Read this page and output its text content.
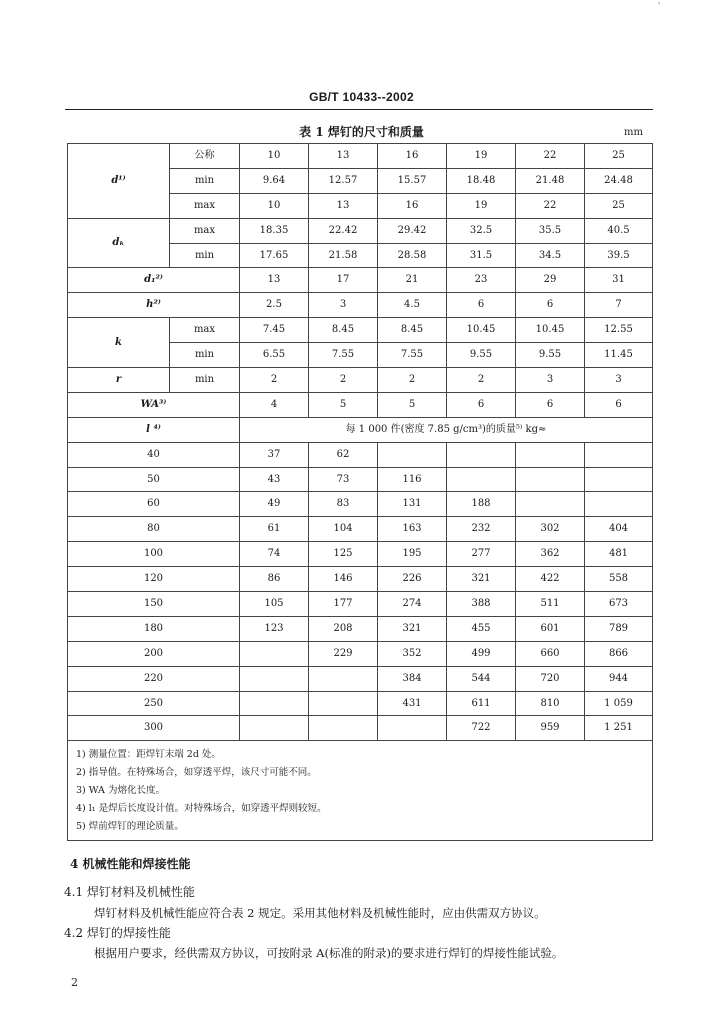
'
GB/T 10433--2002
表 1 焊钉的尺寸和质量	mm
d¹⁾	公称	10	13	16	19	22	25
	min	9.64	12.57	15.57	18.48	21.48	24.48
	max	10	13	16	19	22	25
dₖ	max	18.35	22.42	29.42	32.5	35.5	40.5
	min	17.65	21.58	28.58	31.5	34.5	39.5
d₁²⁾		13	17	21	23	29	31
h²⁾		2.5	3	4.5	6	6	7
k	max	7.45	8.45	8.45	10.45	10.45	12.55
	min	6.55	7.55	7.55	9.55	9.55	11.45
r	min	2	2	2	2	3	3
WA³⁾		4	5	5	6	6	6
l ⁴⁾		每 1 000 件(密度 7.85 g/cm³)的质量⁵⁾ kg≈					
40		37	62				
50		43	73	116			
60		49	83	131	188		
80		61	104	163	232	302	404
100		74	125	195	277	362	481
120		86	146	226	321	422	558
150		105	177	274	388	511	673
180		123	208	321	455	601	789
200			229	352	499	660	866
220				384	544	720	944
250				431	611	810	1 059
300					722	959	1 251

1) 测量位置：距焊钉末端 2d 处。
2) 指导值。在特殊场合，如穿透平焊，该尺寸可能不同。
3) WA 为熔化长度。
4) l₁ 是焊后长度设计值。对特殊场合，如穿透平焊则较短。
5) 焊前焊钉的理论质量。							
4 机械性能和焊接性能
4.1 焊钉材料及机械性能
焊钉材料及机械性能应符合表 2 规定。采用其他材料及机械性能时，应由供需双方协议。
4.2 焊钉的焊接性能
根据用户要求，经供需双方协议，可按附录 A(标准的附录)的要求进行焊钉的焊接性能试验。
2
